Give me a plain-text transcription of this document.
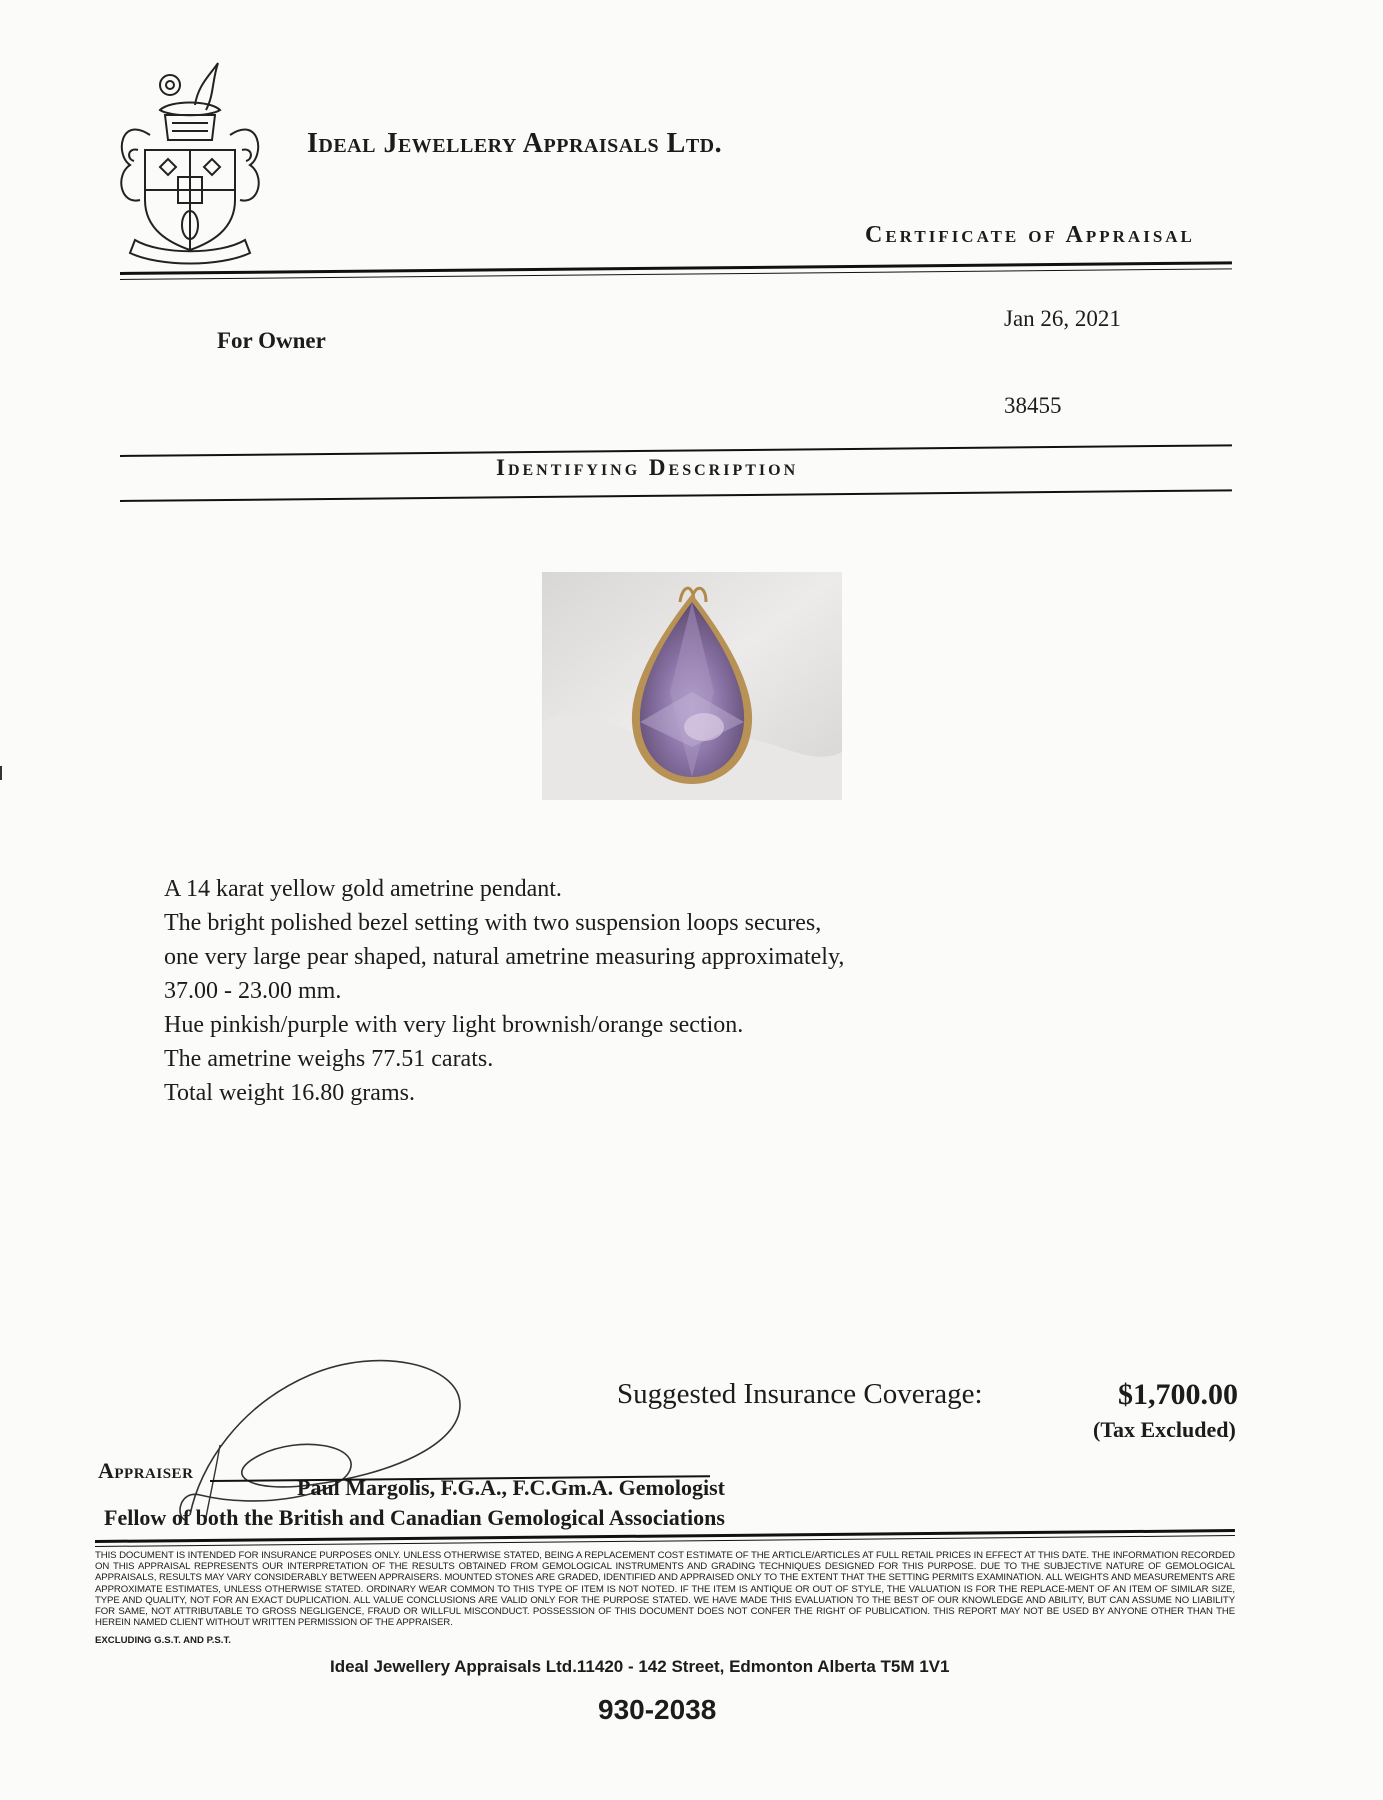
Ideal Jewellery Appraisals Ltd.
Certificate of Appraisal
For Owner
Jan 26, 2021
38455
Identifying Description
A 14 karat yellow gold ametrine pendant.
The bright polished bezel setting with two suspension loops secures,
one very large pear shaped, natural ametrine measuring approximately,
37.00 - 23.00 mm.
Hue pinkish/purple with very light brownish/orange section.
The ametrine weighs 77.51 carats.
Total weight 16.80 grams.
Suggested Insurance Coverage:	$1,700.00
(Tax Excluded)
Appraiser
Paul Margolis, F.G.A., F.C.Gm.A. Gemologist
Fellow of both the British and Canadian Gemological Associations
THIS DOCUMENT IS INTENDED FOR INSURANCE PURPOSES ONLY. UNLESS OTHERWISE STATED, BEING A REPLACEMENT COST ESTIMATE OF THE ARTICLE/ARTICLES AT FULL RETAIL PRICES IN EFFECT AT THIS DATE. THE INFORMATION RECORDED ON THIS APPRAISAL REPRESENTS OUR INTERPRETATION OF THE RESULTS OBTAINED FROM GEMOLOGICAL INSTRUMENTS AND GRADING TECHNIQUES DESIGNED FOR THIS PURPOSE. DUE TO THE SUBJECTIVE NATURE OF GEMOLOGICAL APPRAISALS, RESULTS MAY VARY CONSIDERABLY BETWEEN APPRAISERS. MOUNTED STONES ARE GRADED, IDENTIFIED AND APPRAISED ONLY TO THE EXTENT THAT THE SETTING PERMITS EXAMINATION. ALL WEIGHTS AND MEASUREMENTS ARE APPROXIMATE ESTIMATES, UNLESS OTHERWISE STATED. ORDINARY WEAR COMMON TO THIS TYPE OF ITEM IS NOT NOTED. IF THE ITEM IS ANTIQUE OR OUT OF STYLE, THE VALUATION IS FOR THE REPLACE-MENT OF AN ITEM OF SIMILAR SIZE, TYPE AND QUALITY, NOT FOR AN EXACT DUPLICATION. ALL VALUE CONCLUSIONS ARE VALID ONLY FOR THE PURPOSE STATED. WE HAVE MADE THIS EVALUATION TO THE BEST OF OUR KNOWLEDGE AND ABILITY, BUT CAN ASSUME NO LIABILITY FOR SAME, NOT ATTRIBUTABLE TO GROSS NEGLIGENCE, FRAUD OR WILLFUL MISCONDUCT. POSSESSION OF THIS DOCUMENT DOES NOT CONFER THE RIGHT OF PUBLICATION. THIS REPORT MAY NOT BE USED BY ANYONE OTHER THAN THE HEREIN NAMED CLIENT WITHOUT WRITTEN PERMISSION OF THE APPRAISER.
EXCLUDING G.S.T. AND P.S.T.
Ideal Jewellery Appraisals Ltd.11420 - 142 Street, Edmonton Alberta T5M 1V1
930-2038
